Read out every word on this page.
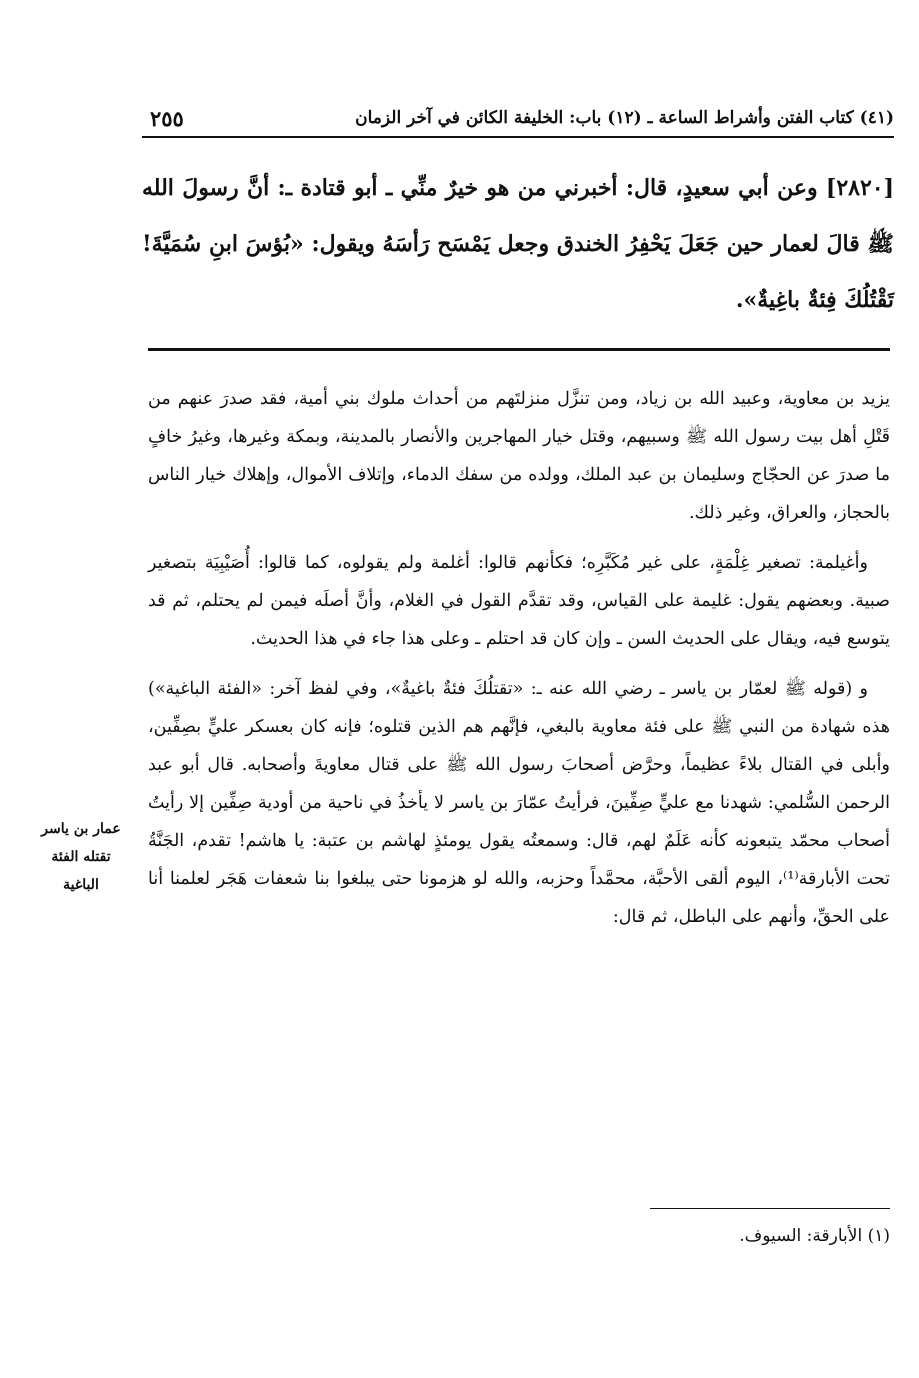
٢٥٥	(٤١) كتاب الفتن وأشراط الساعة ـ (١٢) باب: الخليفة الكائن في آخر الزمان

[٢٨٢٠] وعن أبي سعيدٍ، قال: أخبرني من هو خيرٌ منِّي ـ أبو قتادة ـ: أنَّ رسولَ الله ﷺ قالَ لعمار حين جَعَلَ يَحْفِرُ الخندق وجعل يَمْسَح رَأسَهُ ويقول: «بُؤسَ ابنِ سُمَيَّةَ! تَقْتُلُكَ فِئةٌ باغِيةٌ».

يزيد بن معاوية، وعبيد الله بن زياد، ومن تنزَّل منزلتَهم من أحداث ملوك بني أمية، فقد صدرَ عنهم من قَتْلِ أهل بيت رسول الله ﷺ وسبيهم، وقتل خيار المهاجرين والأنصار بالمدينة، وبمكة وغيرها، وغيرُ خافٍ ما صدرَ عن الحجّاج وسليمان بن عبد الملك، وولده من سفك الدماء، وإتلاف الأموال، وإهلاك خيار الناس بالحجاز، والعراق، وغير ذلك.

وأغيلمة: تصغير غِلْمَةٍ، على غير مُكَبَّرِه؛ فكأنهم قالوا: أغلمة ولم يقولوه، كما قالوا: أُصَيْبِيَة بتصغير صبية. وبعضهم يقول: غليمة على القياس، وقد تقدَّم القول في الغلام، وأنَّ أصلَه فيمن لم يحتلم، ثم قد يتوسع فيه، ويقال على الحديث السن ـ وإن كان قد احتلم ـ وعلى هذا جاء في هذا الحديث.

و (قوله ﷺ لعمّار بن ياسر ـ رضي الله عنه ـ: «تقتلُكَ فئةٌ باغيةٌ»، وفي لفظ آخر: «الفئة الباغية») هذه شهادة من النبي ﷺ على فئة معاوية بالبغي، فإنَّهم هم الذين قتلوه؛ فإنه كان بعسكر عليٍّ بصِفِّين، وأبلى في القتال بلاءً عظيماً، وحرَّض أصحابَ رسول الله ﷺ على قتال معاويةَ وأصحابه. قال أبو عبد الرحمن السُّلمي: شهدنا مع عليٍّ صِفِّينَ، فرأيتُ عمّارَ بن ياسر لا يأخذُ في ناحية من أودية صِفِّين إلا رأيتُ أصحاب محمّد يتبعونه كأنه عَلَمٌ لهم، قال: وسمعتُه يقول يومئذٍ لهاشم بن عتبة: يا هاشم! تقدم، الجَنَّةُ تحت الأبارقة⁽¹⁾، اليوم ألقى الأحبَّة، محمَّداً وحزبه، والله لو هزمونا حتى يبلغوا بنا شعفات هَجَر لعلمنا أنا على الحقِّ، وأنهم على الباطل، ثم قال:

عمار بن ياسر
تقتله الفئة
الباغية
(١) الأبارقة: السيوف.
